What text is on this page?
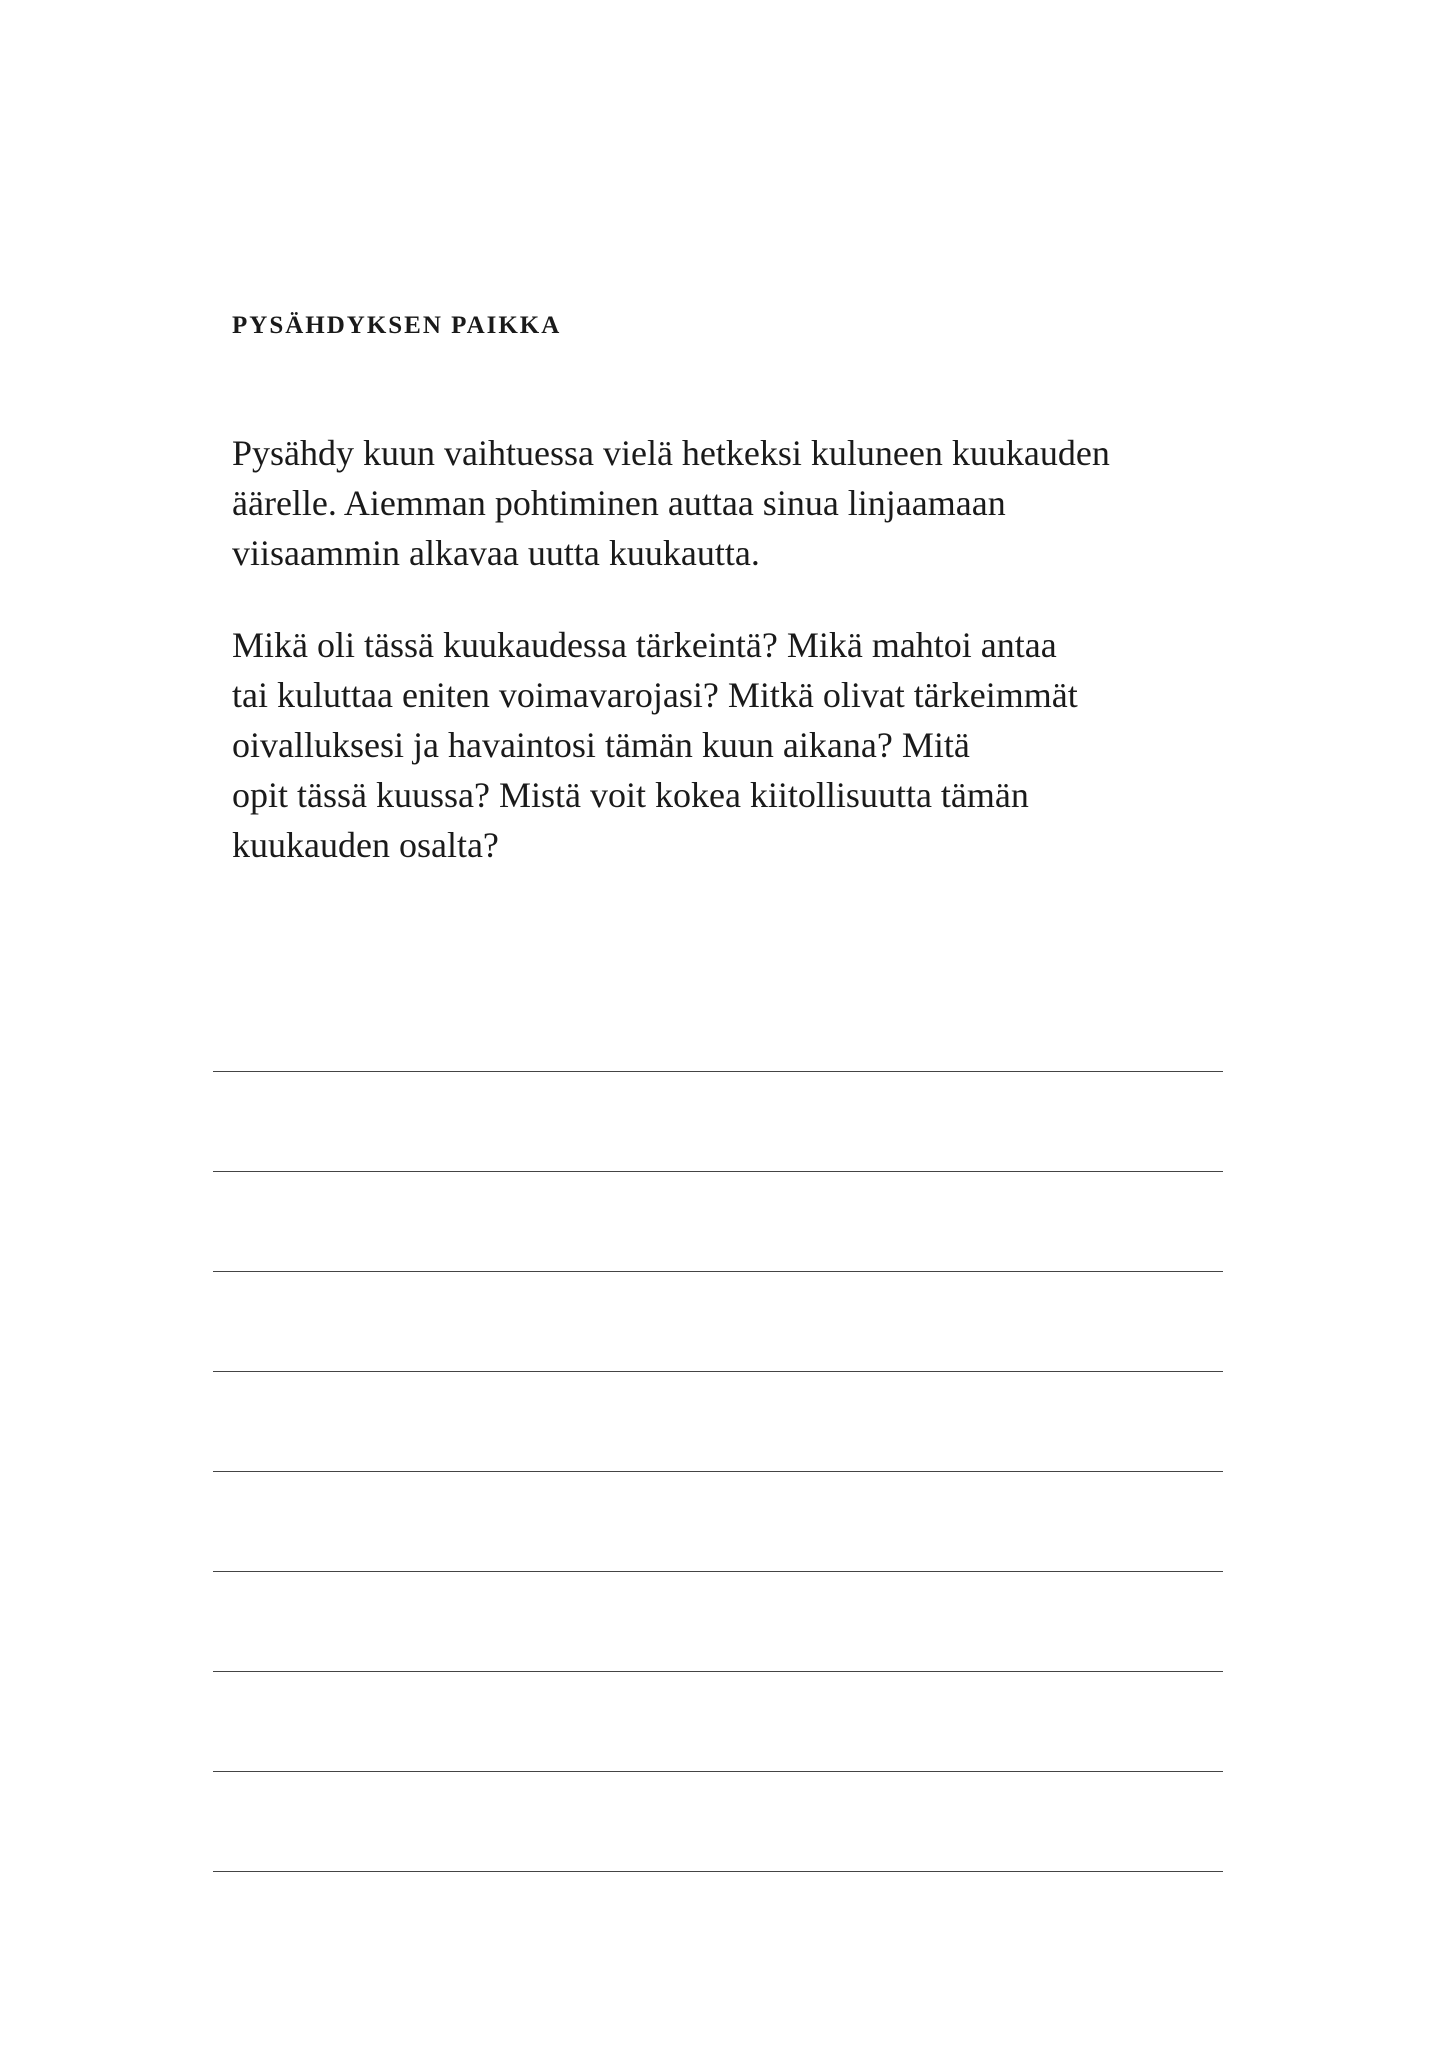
PYSÄHDYKSEN PAIKKA

Pysähdy kuun vaihtuessa vielä hetkeksi kuluneen kuukauden
äärelle. Aiemman pohtiminen auttaa sinua linjaamaan
viisaammin alkavaa uutta kuukautta.

Mikä oli tässä kuukaudessa tärkeintä? Mikä mahtoi antaa
tai kuluttaa eniten voimavarojasi? Mitkä olivat tärkeimmät
oivalluksesi ja havaintosi tämän kuun aikana? Mitä
opit tässä kuussa? Mistä voit kokea kiitollisuutta tämän
kuukauden osalta?
